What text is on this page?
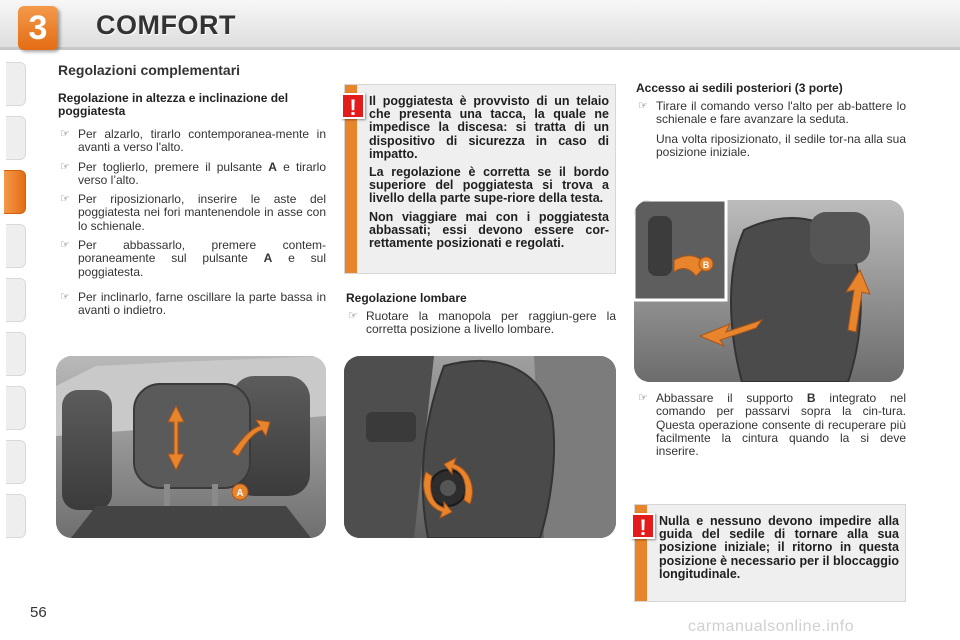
3	COMFORT
Regolazioni complementari
Regolazione in altezza e inclinazione del poggiatesta
☞ Per alzarlo, tirarlo contemporanea-mente in avanti a verso l'alto.
☞ Per toglierlo, premere il pulsante A e tirarlo verso l’alto.
☞ Per riposizionarlo, inserire le aste del poggiatesta nei fori mantenendole in asse con lo schienale.
☞ Per abbassarlo, premere contem-poraneamente sul pulsante A e sul poggiatesta.
☞ Per inclinarlo, farne oscillare la parte bassa in avanti o indietro.
! Il poggiatesta è provvisto di un telaio che presenta una tacca, la quale ne impedisce la discesa: si tratta di un dispositivo di sicurezza in caso di impatto.

La regolazione è corretta se il bordo superiore del poggiatesta si trova a livello della parte supe-riore della testa.

Non viaggiare mai con i poggiatesta abbassati; essi devono essere cor-rettamente posizionati e regolati.

Regolazione lombare
☞ Ruotare la manopola per raggiun-gere la corretta posizione a livello lombare.
Accesso ai sedili posteriori (3 porte)
☞ Tirare il comando verso l'alto per ab-battere lo schienale e fare avanzare la seduta.
Una volta riposizionato, il sedile tor-na alla sua posizione iniziale.
☞ Abbassare il supporto B integrato nel comando per passarvi sopra la cin-tura. Questa operazione consente di recuperare più facilmente la cintura quando la si deve inserire.
! Nulla e nessuno devono impedire alla guida del sedile di tornare alla sua posizione iniziale; il ritorno in questa posizione è necessario per il bloccaggio longitudinale.

A
B
56
carmanualsonline.info
